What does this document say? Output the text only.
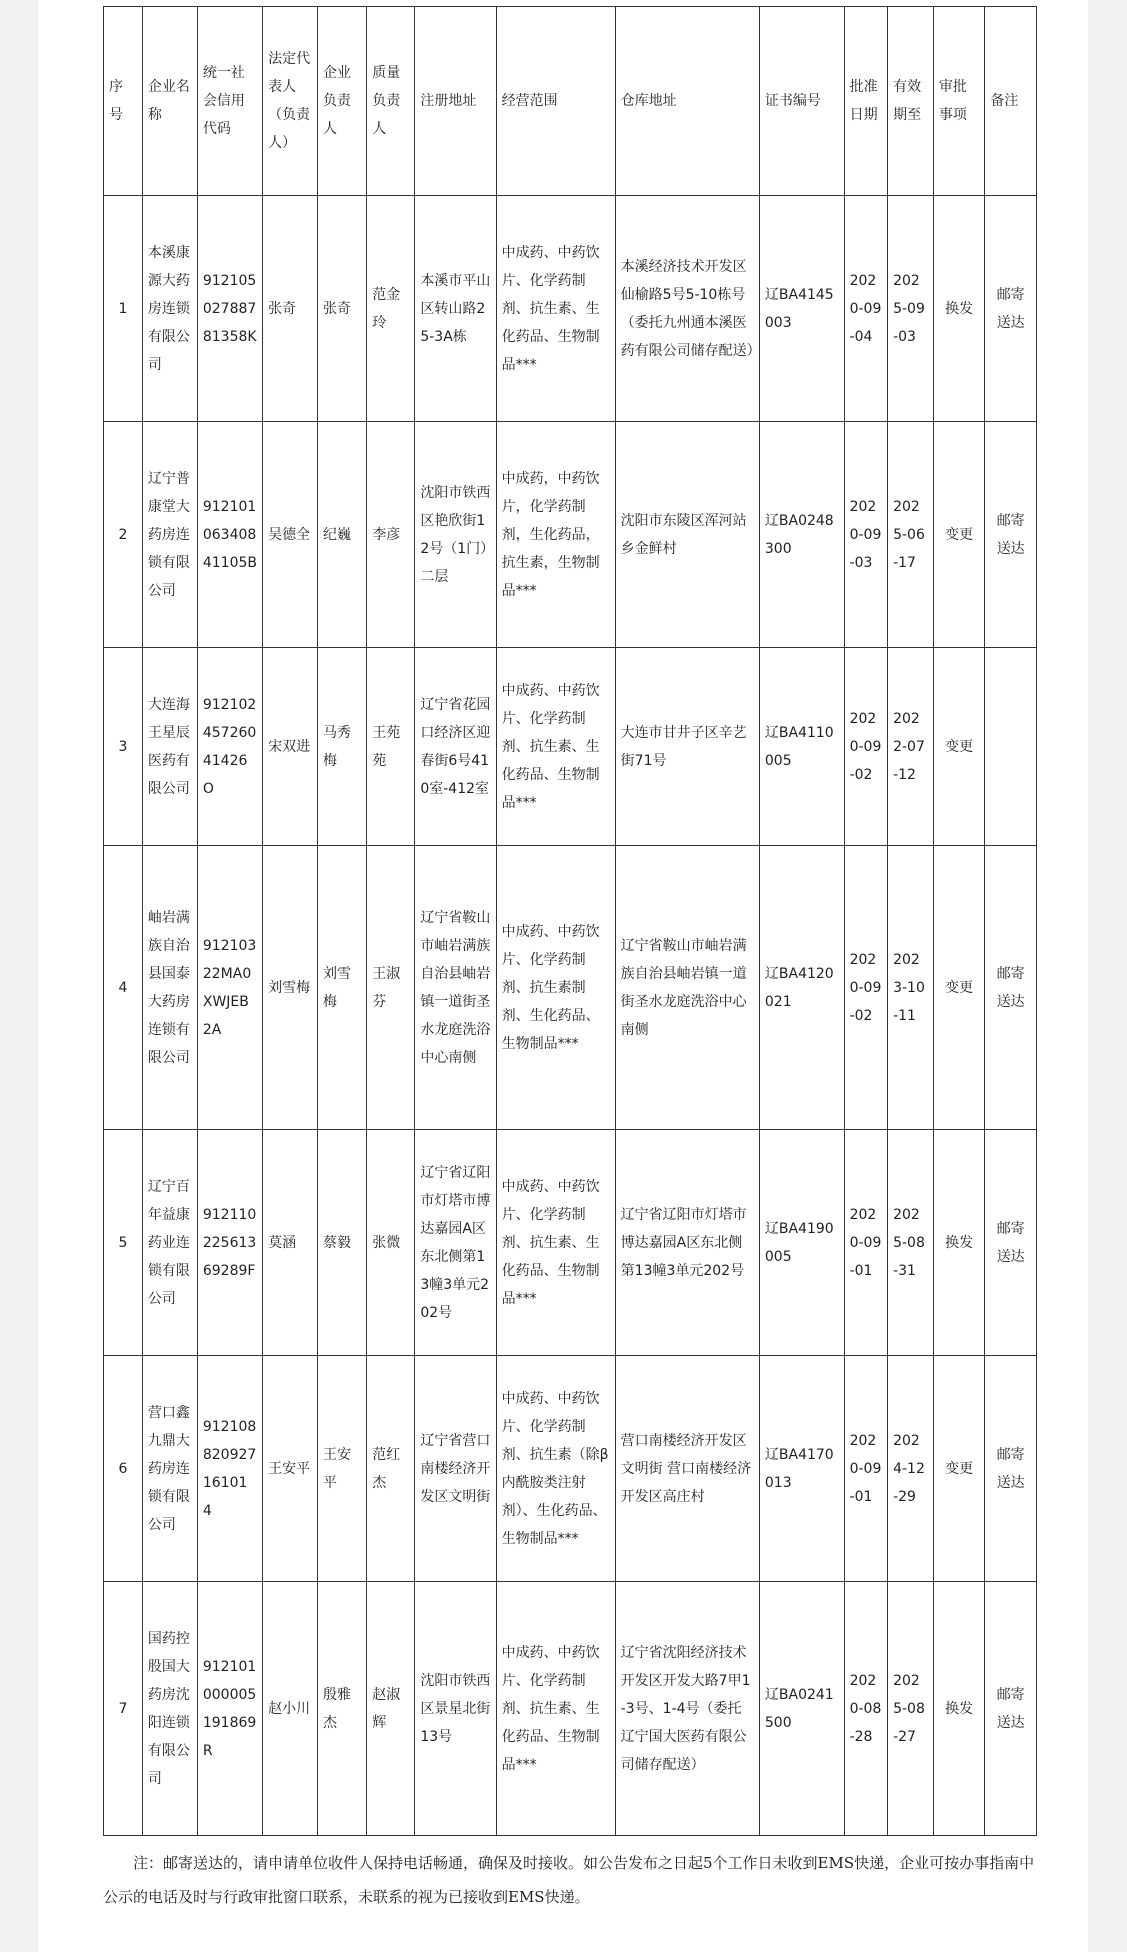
序号	企业名称	统一社会信用代码	法定代表人（负责人）	企业负责人	质量负责人	注册地址	经营范围	仓库地址	证书编号	批准日期	有效期至	审批事项	备注
1	本溪康源大药房连锁有限公司	91210502788781358K	张奇	张奇	范金玲	本溪市平山区转山路25-3A栋	中成药、中药饮片、化学药制剂、抗生素、生化药品、生物制品***	本溪经济技术开发区仙榆路5号5-10栋号（委托九州通本溪医药有限公司储存配送）	辽BA4145003	2020-09-04	2025-09-03	换发	邮寄送达
2	辽宁普康堂大药房连锁有限公司	91210106340841105B	吴德全	纪巍	李彦	沈阳市铁西区艳欣街12号（1门）二层	中成药，中药饮片，化学药制剂，生化药品，抗生素，生物制品***	沈阳市东陵区浑河站乡金鲜村	辽BA0248300	2020-09-03	2025-06-17	变更	邮寄送达
3	大连海王星辰医药有限公司	91210245726041426O	宋双进	马秀梅	王苑苑	辽宁省花园口经济区迎春街6号410室-412室	中成药、中药饮片、化学药制剂、抗生素、生化药品、生物制品***	大连市甘井子区辛艺街71号	辽BA4110005	2020-09-02	2022-07-12	变更	
4	岫岩满族自治县国泰大药房连锁有限公司	91210322MA0XWJEB2A	刘雪梅	刘雪梅	王淑芬	辽宁省鞍山市岫岩满族自治县岫岩镇一道街圣水龙庭洗浴中心南侧	中成药、中药饮片、化学药制剂、抗生素制剂、生化药品、生物制品***	辽宁省鞍山市岫岩满族自治县岫岩镇一道街圣水龙庭洗浴中心南侧	辽BA4120021	2020-09-02	2023-10-11	变更	邮寄送达
5	辽宁百年益康药业连锁有限公司	91211022561369289F	莫涵	蔡毅	张微	辽宁省辽阳市灯塔市博达嘉园A区东北侧第13幢3单元202号	中成药、中药饮片、化学药制剂、抗生素、生化药品、生物制品***	辽宁省辽阳市灯塔市博达嘉园A区东北侧第13幢3单元202号	辽BA4190005	2020-09-01	2025-08-31	换发	邮寄送达
6	营口鑫九鼎大药房连锁有限公司	91210882092716101 4	王安平	王安平	范红杰	辽宁省营口南楼经济开发区文明街	中成药、中药饮片、化学药制剂、抗生素（除β内酰胺类注射剂）、生化药品、生物制品***	营口南楼经济开发区文明街 营口南楼经济开发区高庄村	辽BA4170013	2020-09-01	2024-12-29	变更	邮寄送达
7	国药控股国大药房沈阳连锁有限公司	912101000005191869R	赵小川	殷雅杰	赵淑辉	沈阳市铁西区景星北街13号	中成药、中药饮片、化学药制剂、抗生素、生化药品、生物制品***	辽宁省沈阳经济技术开发区开发大路7甲1-3号、1-4号（委托辽宁国大医药有限公司储存配送）	辽BA0241500	2020-08-28	2025-08-27	换发	邮寄送达
注：邮寄送达的，请申请单位收件人保持电话畅通，确保及时接收。如公告发布之日起5个工作日未收到EMS快递，企业可按办事指南中公示的电话及时与行政审批窗口联系，未联系的视为已接收到EMS快递。
